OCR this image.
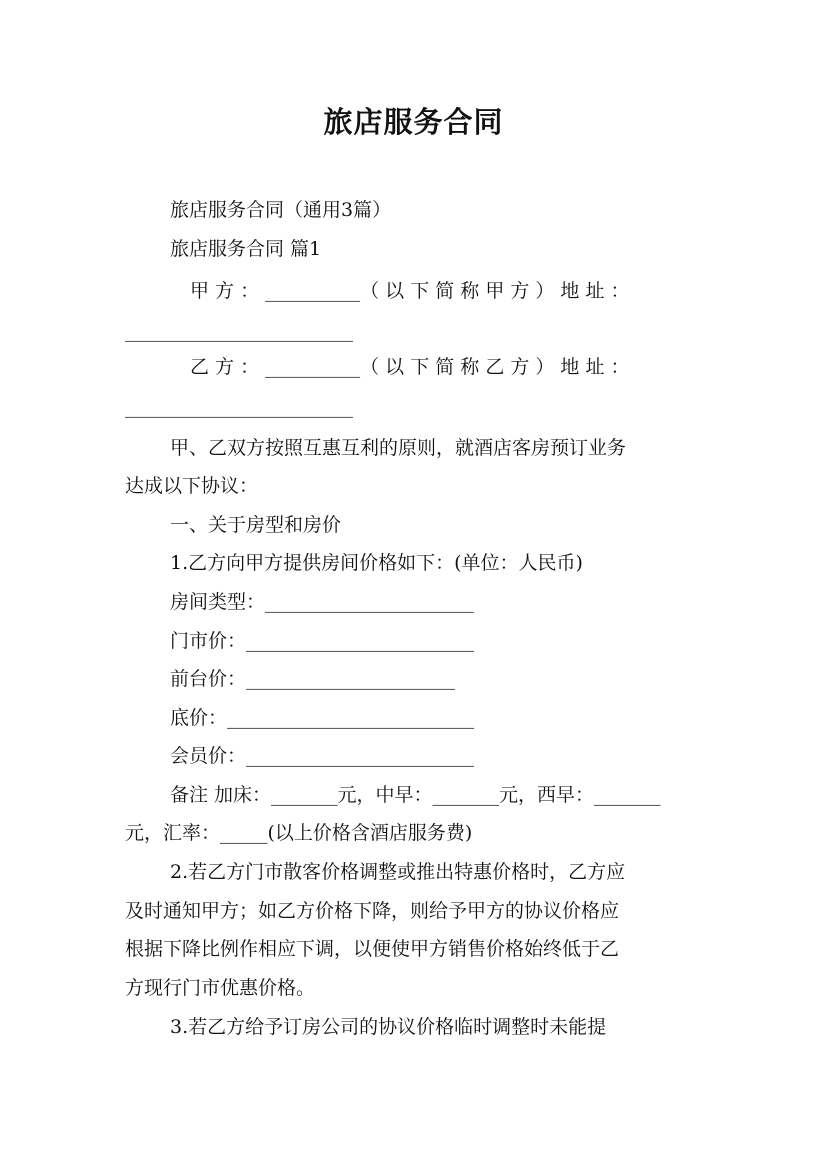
旅店服务合同
旅店服务合同（通用3篇）
旅店服务合同 篇1
甲 方 ： __________（ 以 下 简 称 甲 方 ） 地 址 ：
________________________
乙 方 ： __________（ 以 下 简 称 乙 方 ） 地 址 ：
________________________
甲、乙双方按照互惠互利的原则，就酒店客房预订业务
达成以下协议：
一、关于房型和房价
1.乙方向甲方提供房间价格如下：(单位：人民币)
房间类型：______________________
门市价：________________________
前台价：______________________
底价：__________________________
会员价：________________________
备注 加床：_______元，中早：_______元，西早：_______
元，汇率：_____(以上价格含酒店服务费)
2.若乙方门市散客价格调整或推出特惠价格时，乙方应
及时通知甲方；如乙方价格下降，则给予甲方的协议价格应
根据下降比例作相应下调，以便使甲方销售价格始终低于乙
方现行门市优惠价格。
3.若乙方给予订房公司的协议价格临时调整时未能提
